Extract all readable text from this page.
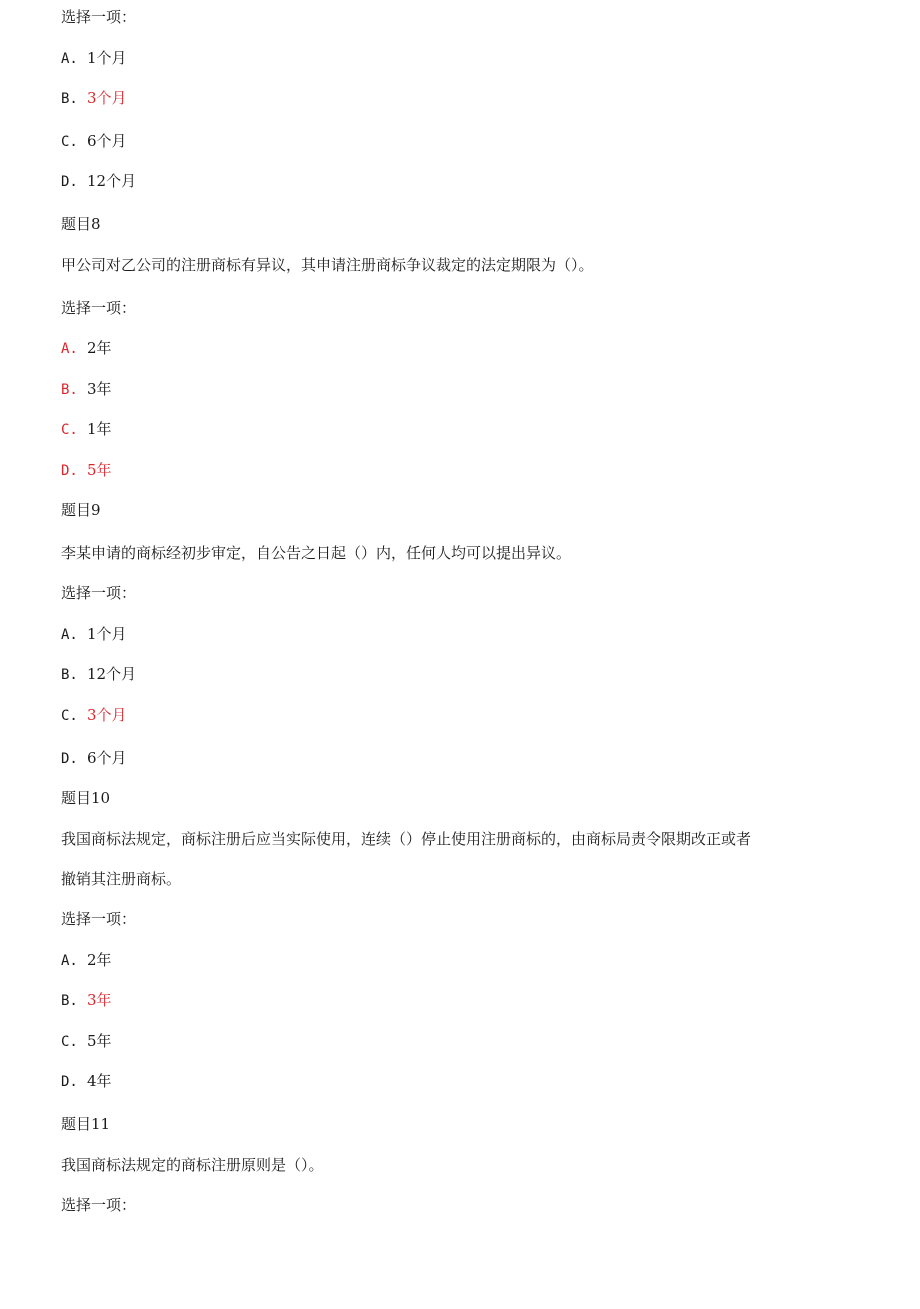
选择一项：
A. 1个月
B. 3个月
C. 6个月
D. 12个月
题目8
甲公司对乙公司的注册商标有异议，其申请注册商标争议裁定的法定期限为（）。
选择一项：
A. 2年
B. 3年
C. 1年
D. 5年
题目9
李某申请的商标经初步审定，自公告之日起（）内，任何人均可以提出异议。
选择一项：
A. 1个月
B. 12个月
C. 3个月
D. 6个月
题目10
我国商标法规定，商标注册后应当实际使用，连续（）停止使用注册商标的，由商标局责令限期改正或者
撤销其注册商标。
选择一项：
A. 2年
B. 3年
C. 5年
D. 4年
题目11
我国商标法规定的商标注册原则是（）。
选择一项：
